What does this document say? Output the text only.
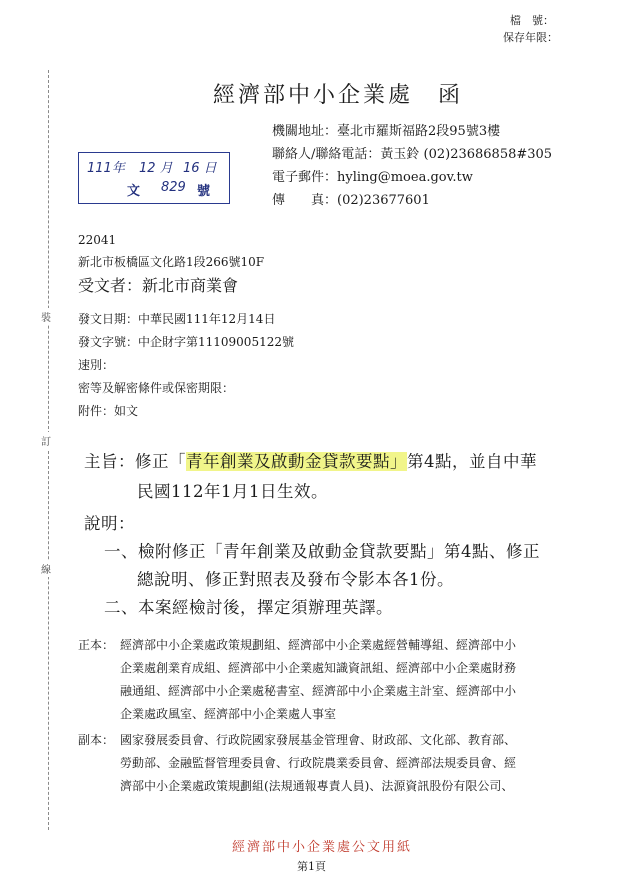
檔　號：
保存年限：
裝
訂
線
經濟部中小企業處　函
機關地址：臺北市羅斯福路2段95號3樓
聯絡人/聯絡電話：黃玉鈴 (02)23686858#305
電子郵件：hyling@moea.gov.tw
傳　　真：(02)23677601
111年 12 月 16 日
文 829 號
22041
新北市板橋區文化路1段266號10F
受文者：新北市商業會
發文日期：中華民國111年12月14日
發文字號：中企財字第11109005122號
速別：
密等及解密條件或保密期限：
附件：如文
主旨：修正「青年創業及啟動金貸款要點」第4點，並自中華
民國112年1月1日生效。
說明：
一、檢附修正「青年創業及啟動金貸款要點」第4點、修正
總說明、修正對照表及發布令影本各1份。
二、本案經檢討後，擇定須辦理英譯。
正本： 經濟部中小企業處政策規劃組、經濟部中小企業處經營輔導組、經濟部中小
企業處創業育成組、經濟部中小企業處知識資訊組、經濟部中小企業處財務
融通組、經濟部中小企業處秘書室、經濟部中小企業處主計室、經濟部中小
企業處政風室、經濟部中小企業處人事室
副本： 國家發展委員會、行政院國家發展基金管理會、財政部、文化部、教育部、
勞動部、金融監督管理委員會、行政院農業委員會、經濟部法規委員會、經
濟部中小企業處政策規劃組(法規通報專責人員)、法源資訊股份有限公司、
經濟部中小企業處公文用紙
第1頁
